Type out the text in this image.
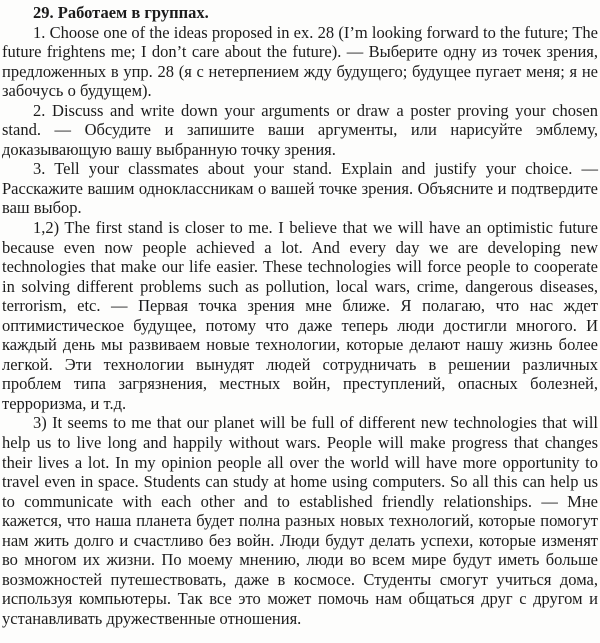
29. Работаем в группах.

1. Choose one of the ideas proposed in ex. 28 (I’m looking forward to the future; The future frightens me; I don’t care about the future). — Выберите одну из точек зрения, предложенных в упр. 28 (я с нетерпением жду будущего; будущее пугает меня; я не забочусь о будущем).

2. Discuss and write down your arguments or draw a poster proving your chosen stand. — Обсудите и запишите ваши аргументы, или нарисуйте эмблему, доказывающую вашу выбранную точку зрения.

3. Tell your classmates about your stand. Explain and justify your choice. — Расскажите вашим одноклассникам о вашей точке зрения. Объясните и подтвердите ваш выбор.

1,2) The first stand is closer to me. I believe that we will have an optimistic future because even now people achieved a lot. And every day we are developing new technologies that make our life easier. These technologies will force people to cooperate in solving different problems such as pollution, local wars, crime, dangerous diseases, terrorism, etc. — Первая точка зрения мне ближе. Я полагаю, что нас ждет оптимистическое будущее, потому что даже теперь люди достигли многого. И каждый день мы развиваем новые технологии, которые делают нашу жизнь более легкой. Эти технологии вынудят людей сотрудничать в решении различных проблем типа загрязнения, местных войн, преступлений, опасных болезней, терроризма, и т.д.

3) It seems to me that our planet will be full of different new technologies that will help us to live long and happily without wars. People will make progress that changes their lives a lot. In my opinion people all over the world will have more opportunity to travel even in space. Students can study at home using computers. So all this can help us to communicate with each other and to established friendly relationships. — Мне кажется, что наша планета будет полна разных новых технологий, которые помогут нам жить долго и счастливо без войн. Люди будут делать успехи, которые изменят во многом их жизни. По моему мнению, люди во всем мире будут иметь больше возможностей путешествовать, даже в космосе. Студенты смогут учиться дома, используя компьютеры. Так все это может помочь нам общаться друг с другом и устанавливать дружественные отношения.
